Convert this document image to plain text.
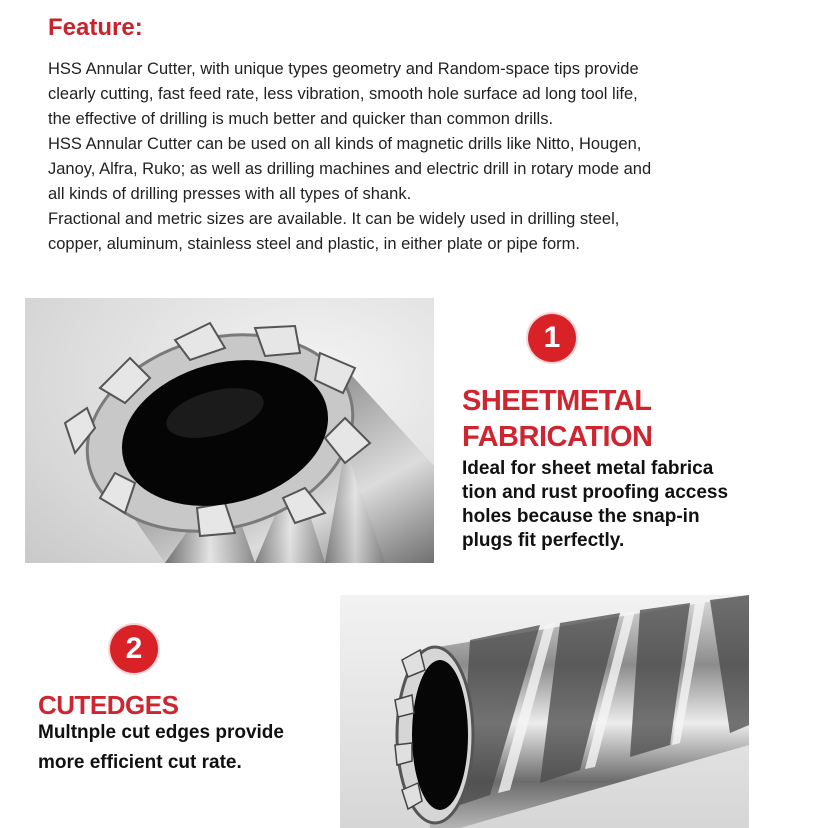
Feature:

HSS Annular Cutter, with unique types geometry and Random-space tips provide

clearly cutting, fast feed rate, less vibration, smooth hole surface ad long tool life,

the effective of drilling is much better and quicker than common drills.

HSS Annular Cutter can be used on all kinds of magnetic drills like Nitto, Hougen,

Janoy, Alfra, Ruko; as well as drilling machines and electric drill in rotary mode and

all kinds of drilling presses with all types of shank.

Fractional and metric sizes are available. It can be widely used in drilling steel,

copper, aluminum, stainless steel and plastic, in either plate or pipe form.

1
SHEETMETAL
FABRICATION
Ideal for sheet metal fabrica
tion and rust proofing access
holes because the snap-in
plugs fit perfectly.
2
CUTEDGES
Multnple cut edges provide
more efficient cut rate.
